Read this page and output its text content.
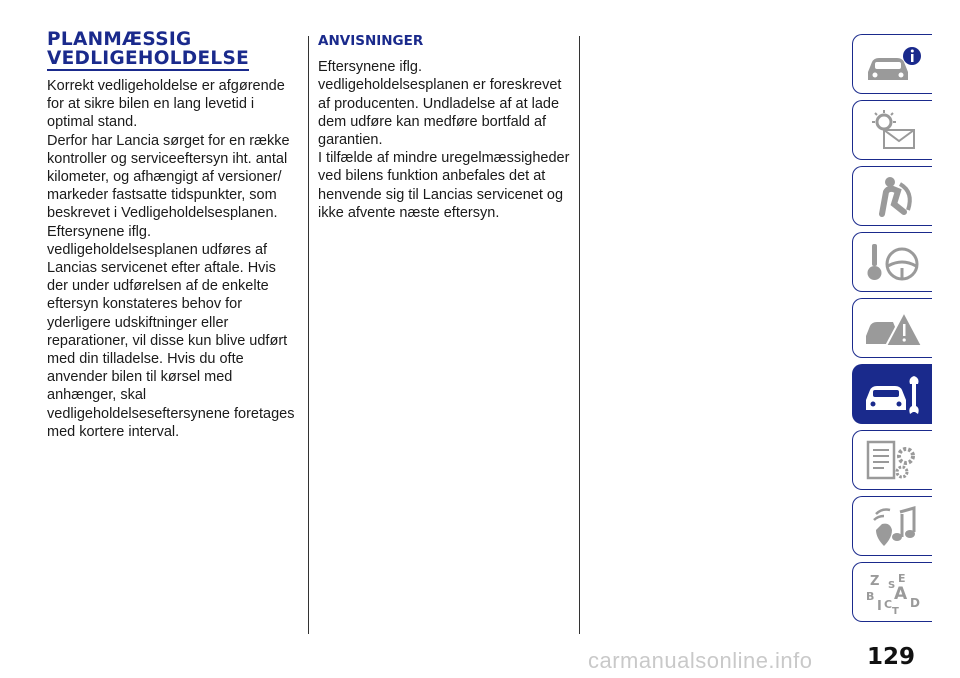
PLANMÆSSIG
VEDLIGEHOLDELSE

Korrekt vedligeholdelse er afgørende for at sikre bilen en lang levetid i optimal stand.

Derfor har Lancia sørget for en række kontroller og serviceeftersyn iht. antal kilometer, og afhængigt af versioner/ markeder fastsatte tidspunkter, som beskrevet i Vedligeholdelsesplanen.

Eftersynene iflg. vedligeholdelsesplanen udføres af Lancias servicenet efter aftale. Hvis der under udførelsen af de enkelte eftersyn konstateres behov for yderligere udskiftninger eller reparationer, vil disse kun blive udført med din tilladelse. Hvis du ofte anvender bilen til kørsel med anhænger, skal vedligeholdelseseftersynene foretages med kortere interval.

ANVISNINGER

Eftersynene iflg. vedligeholdelsesplanen er foreskrevet af producenten. Undladelse af at lade dem udføre kan medføre bortfald af garantien.

I tilfælde af mindre uregelmæssigheder ved bilens funktion anbefales det at henvende sig til Lancias servicenet og ikke afvente næste eftersyn.

Z E
B A
I C
T
D
S
129
carmanualsonline.info
